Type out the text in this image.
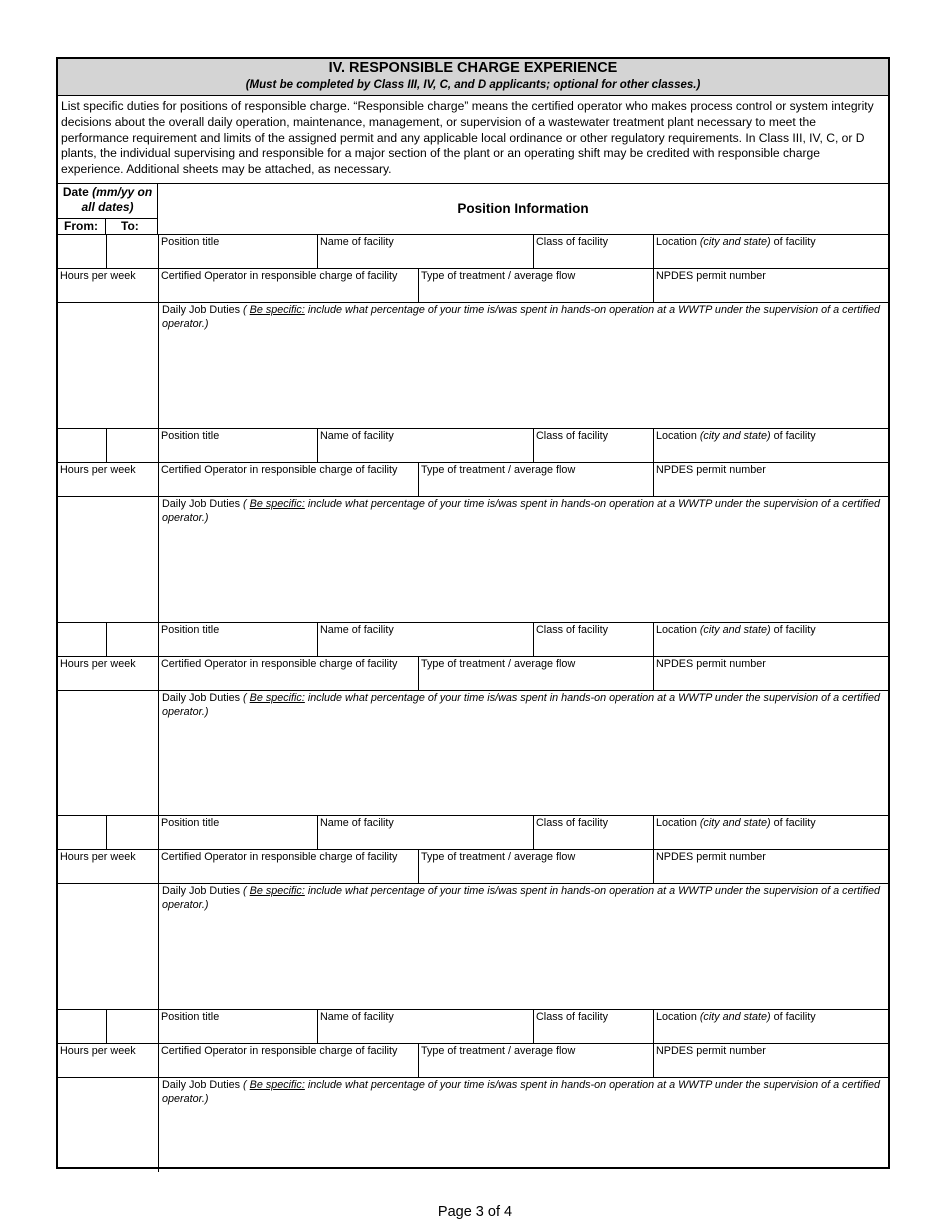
IV. RESPONSIBLE CHARGE EXPERIENCE
(Must be completed by Class III, IV, C, and D applicants; optional for other classes.)
List specific duties for positions of responsible charge. “Responsible charge” means the certified operator who makes process control or system integrity decisions about the overall daily operation, maintenance, management, or supervision of a wastewater treatment plant necessary to meet the performance requirement and limits of the assigned permit and any applicable local ordinance or other regulatory requirements. In Class III, IV, C, or D plants, the individual supervising and responsible for a major section of the plant or an operating shift may be credited with responsible charge experience. Additional sheets may be attached, as necessary.
Date (mm/yy on all dates)
From: To:
Position Information
Position title	Name of facility	Class of facility	Location (city and state) of facility
Hours per week	Certified Operator in responsible charge of facility	Type of treatment / average flow	NPDES permit number
Daily Job Duties ( Be specific: include what percentage of your time is/was spent in hands-on operation at a WWTP under the supervision of a certified operator.)
Position title	Name of facility	Class of facility	Location (city and state) of facility
Hours per week	Certified Operator in responsible charge of facility	Type of treatment / average flow	NPDES permit number
Daily Job Duties ( Be specific: include what percentage of your time is/was spent in hands-on operation at a WWTP under the supervision of a certified operator.)
Position title	Name of facility	Class of facility	Location (city and state) of facility
Hours per week	Certified Operator in responsible charge of facility	Type of treatment / average flow	NPDES permit number
Daily Job Duties ( Be specific: include what percentage of your time is/was spent in hands-on operation at a WWTP under the supervision of a certified operator.)
Position title	Name of facility	Class of facility	Location (city and state) of facility
Hours per week	Certified Operator in responsible charge of facility	Type of treatment / average flow	NPDES permit number
Daily Job Duties ( Be specific: include what percentage of your time is/was spent in hands-on operation at a WWTP under the supervision of a certified operator.)
Position title	Name of facility	Class of facility	Location (city and state) of facility
Hours per week	Certified Operator in responsible charge of facility	Type of treatment / average flow	NPDES permit number
Daily Job Duties ( Be specific: include what percentage of your time is/was spent in hands-on operation at a WWTP under the supervision of a certified operator.)
Page 3 of 4
